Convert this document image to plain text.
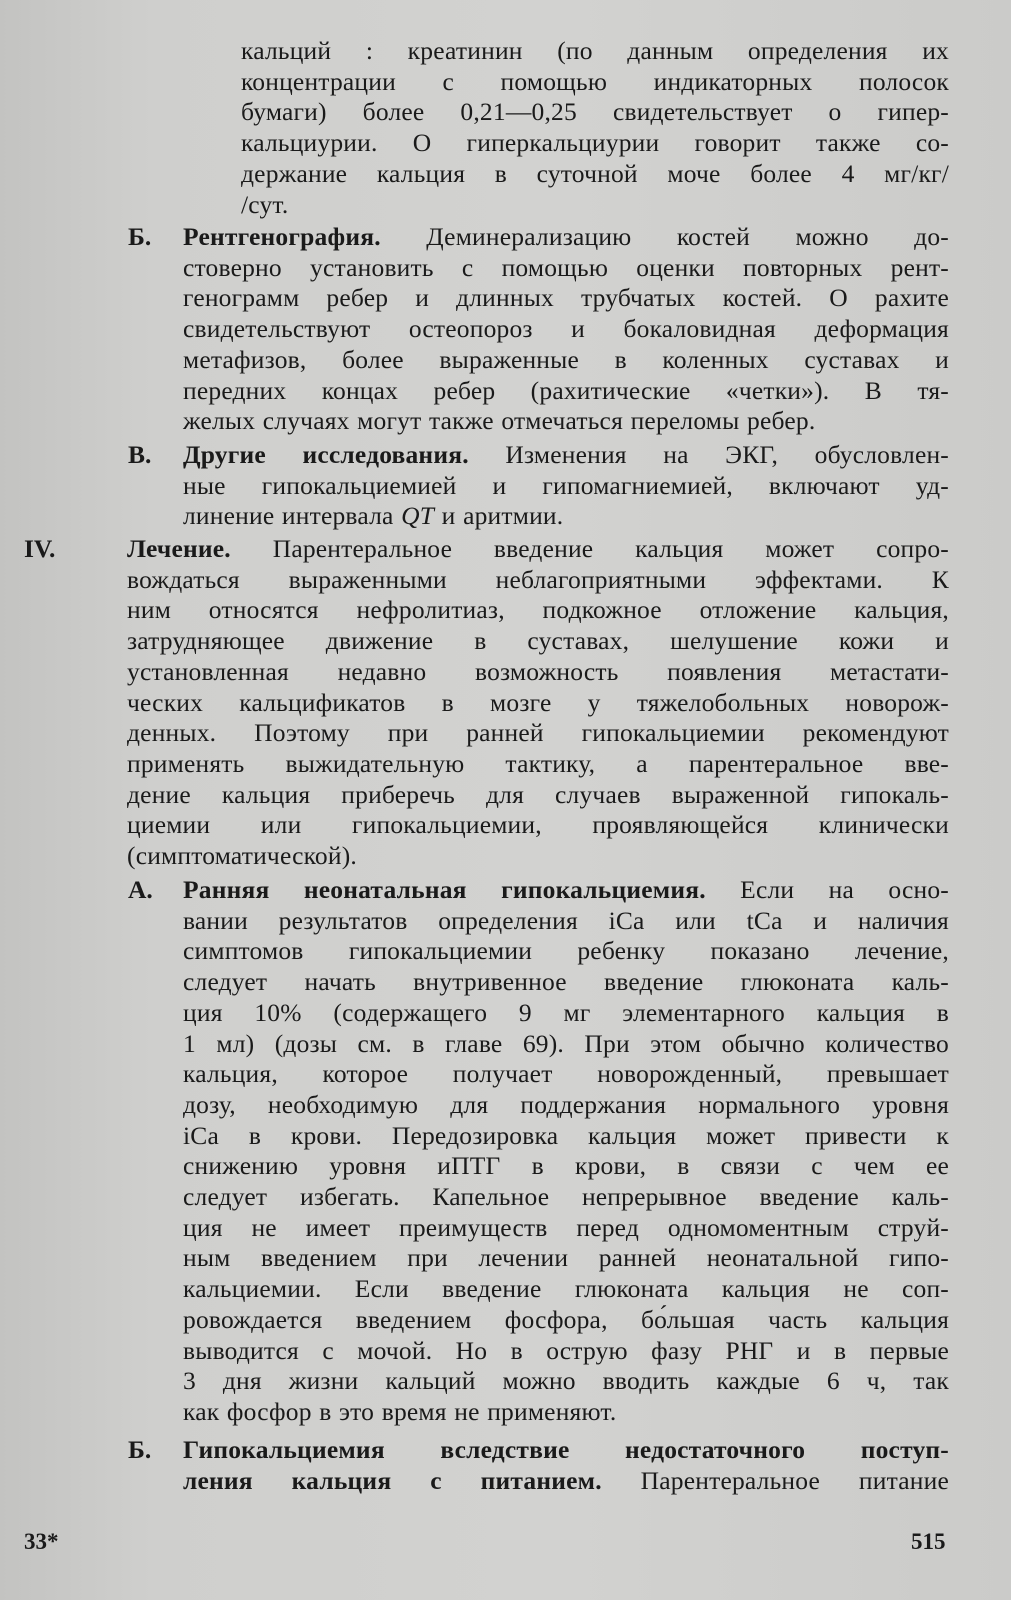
кальций : креатинин (по данным определения их
концентрации с помощью индикаторных полосок
бумаги) более 0,21—0,25 свидетельствует о гипер-
кальциурии. О гиперкальциурии говорит также со-
держание кальция в суточной моче более 4 мг/кг/
/сут.
Б. Рентгенография. Деминерализацию костей можно до-
стоверно установить с помощью оценки повторных рент-
генограмм ребер и длинных трубчатых костей. О рахите
свидетельствуют остеопороз и бокаловидная деформация
метафизов, более выраженные в коленных суставах и
передних концах ребер (рахитические «четки»). В тя-
желых случаях могут также отмечаться переломы ребер.
В. Другие исследования. Изменения на ЭКГ, обусловлен-
ные гипокальциемией и гипомагниемией, включают уд-
линение интервала QT и аритмии.
IV.	Лечение. Парентеральное введение кальция может сопро-
вождаться выраженными неблагоприятными эффектами. К
ним относятся нефролитиаз, подкожное отложение кальция,
затрудняющее движение в суставах, шелушение кожи и
установленная недавно возможность появления метастати-
ческих кальцификатов в мозге у тяжелобольных новорож-
денных. Поэтому при ранней гипокальциемии рекомендуют
применять выжидательную тактику, а парентеральное вве-
дение кальция приберечь для случаев выраженной гипокаль-
циемии или гипокальциемии, проявляющейся клинически
(симптоматической).
А. Ранняя неонатальная гипокальциемия. Если на осно-
вании результатов определения iCa или tCa и наличия
симптомов гипокальциемии ребенку показано лечение,
следует начать внутривенное введение глюконата каль-
ция 10% (содержащего 9 мг элементарного кальция в
1 мл) (дозы см. в главе 69). При этом обычно количество
кальция, которое получает новорожденный, превышает
дозу, необходимую для поддержания нормального уровня
iCa в крови. Передозировка кальция может привести к
снижению уровня иПТГ в крови, в связи с чем ее
следует избегать. Капельное непрерывное введение каль-
ция не имеет преимуществ перед одномоментным струй-
ным введением при лечении ранней неонатальной гипо-
кальциемии. Если введение глюконата кальция не соп-
ровождается введением фосфора, бо́льшая часть кальция
выводится с мочой. Но в острую фазу РНГ и в первые
3 дня жизни кальций можно вводить каждые 6 ч, так
как фосфор в это время не применяют.
Б. Гипокальциемия вследствие недостаточного поступ-
ления кальция с питанием. Парентеральное питание
33*	515
